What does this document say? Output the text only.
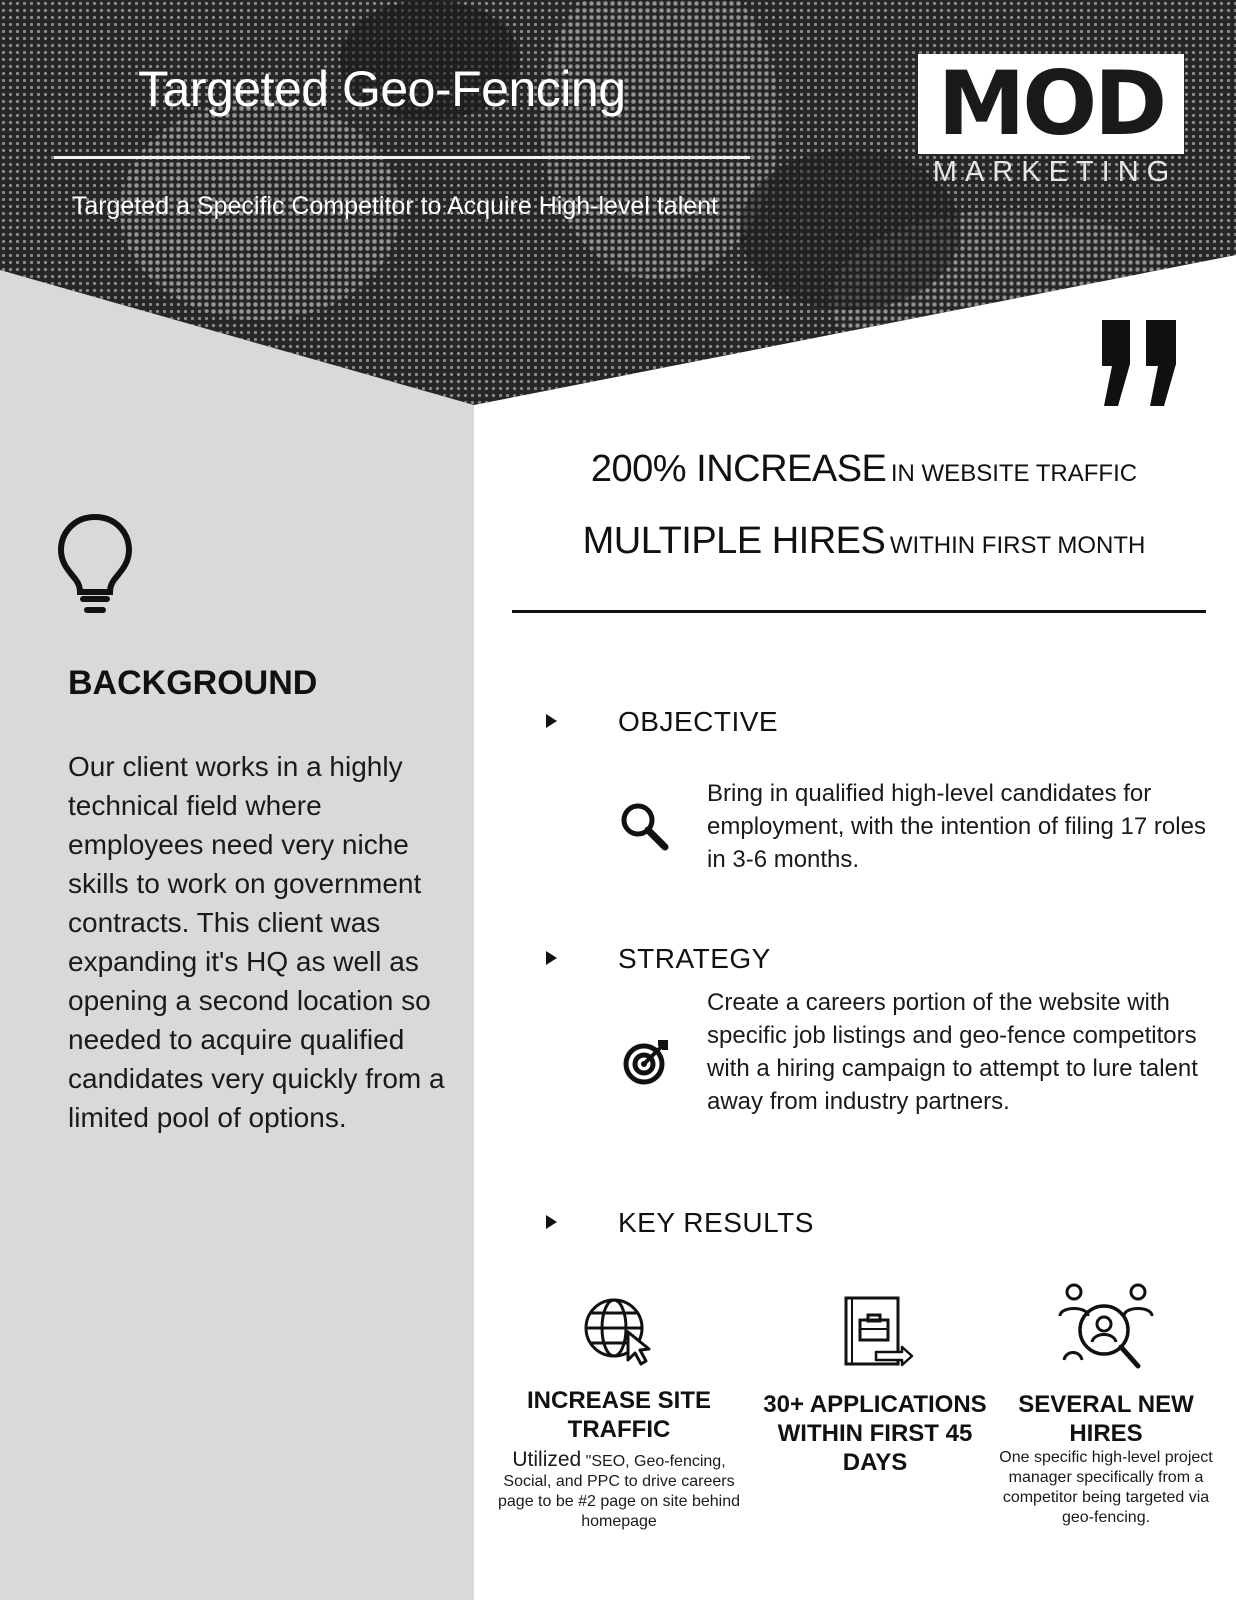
Targeted Geo-Fencing
Targeted a Specific Competitor to Acquire High-level talent
MOD
MARKETING
200% INCREASE IN WEBSITE TRAFFIC
MULTIPLE HIRES WITHIN FIRST MONTH
BACKGROUND
Our client works in a highly technical field where employees need very niche skills to work on government contracts. This client was expanding it's HQ as well as opening a second location so needed to acquire qualified candidates very quickly from a limited pool of options.
OBJECTIVE
Bring in qualified high-level candidates for employment, with the intention of filing 17 roles in 3-6 months.
STRATEGY
Create a careers portion of the website with specific job listings and geo-fence competitors with a hiring campaign to attempt to lure talent away from industry partners.
KEY RESULTS
INCREASE SITE TRAFFIC
Utilized "SEO, Geo-fencing, Social, and PPC to drive careers page to be #2 page on site behind homepage
30+ APPLICATIONS WITHIN FIRST 45 DAYS
SEVERAL NEW HIRES
One specific high-level project manager specifically from a competitor being targeted via geo-fencing.
